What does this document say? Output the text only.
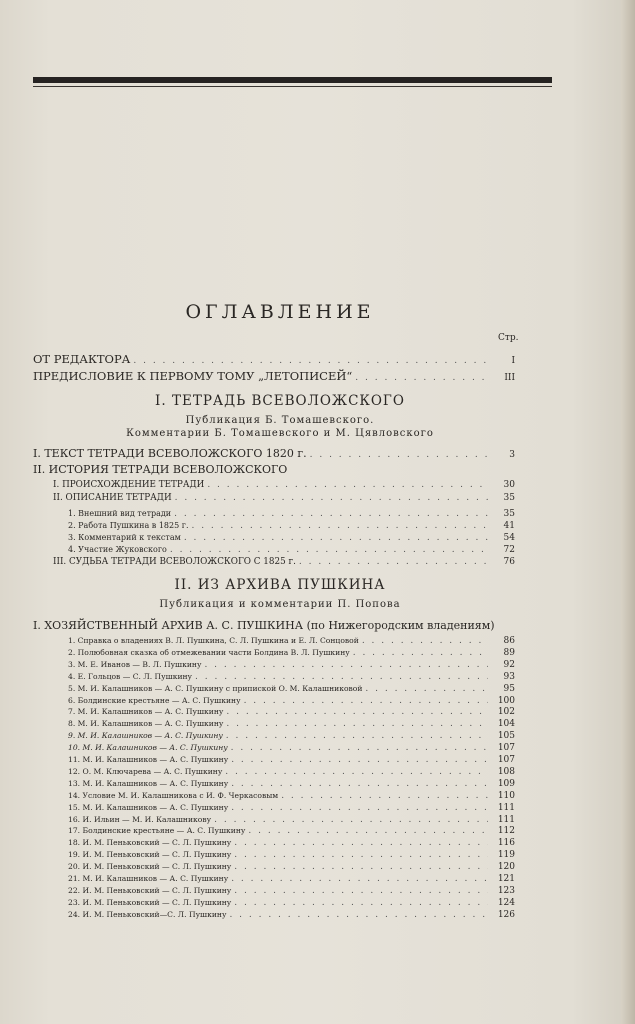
ОГЛАВЛЕНИЕ
Стр.
ОТ РЕДАКТОРА . . .	I
ПРЕДИСЛОВИЕ К ПЕРВОМУ ТОМУ „ЛЕТОПИСЕЙ“ . . .	III
I. ТЕТРАДЬ ВСЕВОЛОЖСКОГО
Публикация Б. Томашевского.
Комментарии Б. Томашевского и М. Цявловского
I. ТЕКСТ ТЕТРАДИ ВСЕВОЛОЖСКОГО 1820 г. . . .	3
II. ИСТОРИЯ ТЕТРАДИ ВСЕВОЛОЖСКОГО
I. ПРОИСХОЖДЕНИЕ ТЕТРАДИ . . .	30
II. ОПИСАНИЕ ТЕТРАДИ . . .	35
1. Внешний вид тетради . . .	35
2. Работа Пушкина в 1825 г. . . .	41
3. Комментарий к текстам . . .	54
4. Участие Жуковского . . .	72
III. СУДЬБА ТЕТРАДИ ВСЕВОЛОЖСКОГО С 1825 г. . . .	76
II. ИЗ АРХИВА ПУШКИНА
Публикация и комментарии П. Попова
I. ХОЗЯЙСТВЕННЫЙ АРХИВ А. С. ПУШКИНА (по Нижегородским владениям)
1. Справка о владениях В. Л. Пушкина, С. Л. Пушкина и Е. Л. Сонцовой . . .	86
2. Полюбовная сказка об отмежевании части Болдина В. Л. Пушкину . . .	89
3. М. Е. Иванов — В. Л. Пушкину . . .	92
4. Е. Гольцов — С. Л. Пушкину . . .	93
5. М. И. Калашников — А. С. Пушкину с припиской О. М. Калашниковой . . .	95
6. Болдинские крестьяне — А. С. Пушкину . . .	100
7. М. И. Калашников — А. С. Пушкину . . .	102
8. М. И. Калашников — А. С. Пушкину . . .	104
9. М. И. Калашников — А. С. Пушкину . . .	105
10. М. И. Калашников — А. С. Пушкину . . .	107
11. М. И. Калашников — А. С. Пушкину . . .	107
12. О. М. Ключарева — А. С. Пушкину . . .	108
13. М. И. Калашников — А. С. Пушкину . . .	109
14. Условие М. И. Калашникова с И. Ф. Черкасовым . . .	110
15. М. И. Калашников — А. С. Пушкину . . .	111
16. И. Ильин — М. И. Калашникову . . .	111
17. Болдинские крестьяне — А. С. Пушкину . . .	112
18. И. М. Пеньковский — С. Л. Пушкину . . .	116
19. И. М. Пеньковский — С. Л. Пушкину . . .	119
20. И. М. Пеньковский — С. Л. Пушкину . . .	120
21. М. И. Калашников — А. С. Пушкину . . .	121
22. И. М. Пеньковский — С. Л. Пушкину . . .	123
23. И. М. Пеньковский — С. Л. Пушкину . . .	124
24. И. М. Пеньковский—С. Л. Пушкину . . .	126
